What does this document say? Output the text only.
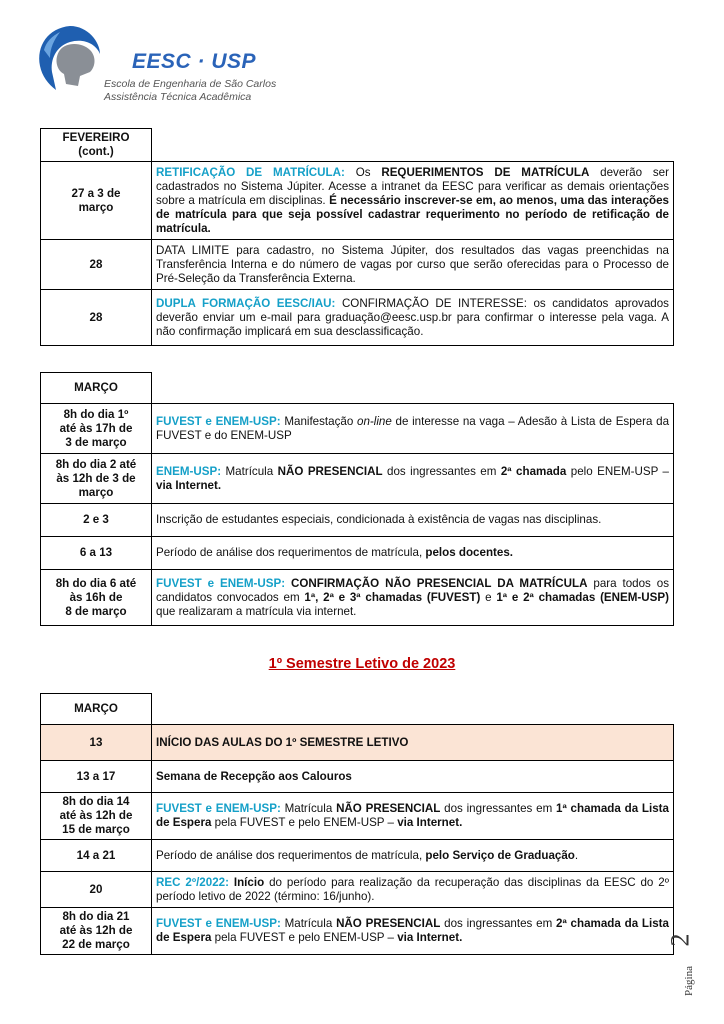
EESC · USP
Escola de Engenharia de São Carlos
Assistência Técnica Acadêmica
FEVEREIRO
(cont.)	

27 a 3 de
março	RETIFICAÇÃO DE MATRÍCULA: Os REQUERIMENTOS DE MATRÍCULA deverão ser cadastrados no Sistema Júpiter. Acesse a intranet da EESC para verificar as demais orientações sobre a matrícula em disciplinas. É necessário inscrever-se em, ao menos, uma das interações de matrícula para que seja possível cadastrar requerimento no período de retificação de matrícula.

28	DATA LIMITE para cadastro, no Sistema Júpiter, dos resultados das vagas preenchidas na Transferência Interna e do número de vagas por curso que serão oferecidas para o Processo de Pré-Seleção da Transferência Externa.

28	DUPLA FORMAÇÃO EESC/IAU: CONFIRMAÇÃO DE INTERESSE: os candidatos aprovados deverão enviar um e-mail para graduação@eesc.usp.br para confirmar o interesse pela vaga. A não confirmação implicará em sua desclassificação.
MARÇO	

8h do dia 1º
até às 17h de
3 de março	FUVEST e ENEM-USP: Manifestação on-line de interesse na vaga – Adesão à Lista de Espera da FUVEST e do ENEM-USP

8h do dia 2 até
às 12h de 3 de
março	ENEM-USP: Matrícula NÃO PRESENCIAL dos ingressantes em 2ª chamada pelo ENEM-USP – via Internet.

2 e 3	Inscrição de estudantes especiais, condicionada à existência de vagas nas disciplinas.

6 a 13	Período de análise dos requerimentos de matrícula, pelos docentes.

8h do dia 6 até
às 16h de
8 de março	FUVEST e ENEM-USP: CONFIRMAÇÃO NÃO PRESENCIAL DA MATRÍCULA para todos os candidatos convocados em 1ª, 2ª e 3ª chamadas (FUVEST) e 1ª e 2ª chamadas (ENEM-USP) que realizaram a matrícula via internet.
1º Semestre Letivo de 2023
MARÇO	

13	INÍCIO DAS AULAS DO 1º SEMESTRE LETIVO

13 a 17	Semana de Recepção aos Calouros

8h do dia 14
até às 12h de
15 de março	FUVEST e ENEM-USP: Matrícula NÃO PRESENCIAL dos ingressantes em 1ª chamada da Lista de Espera pela FUVEST e pelo ENEM-USP – via Internet.

14 a 21	Período de análise dos requerimentos de matrícula, pelo Serviço de Graduação.

20	REC 2º/2022: Início do período para realização da recuperação das disciplinas da EESC do 2º período letivo de 2022 (término: 16/junho).

8h do dia 21
até às 12h de
22 de março	FUVEST e ENEM-USP: Matrícula NÃO PRESENCIAL dos ingressantes em 2ª chamada da Lista de Espera pela FUVEST e pelo ENEM-USP – via Internet.	2
Página
